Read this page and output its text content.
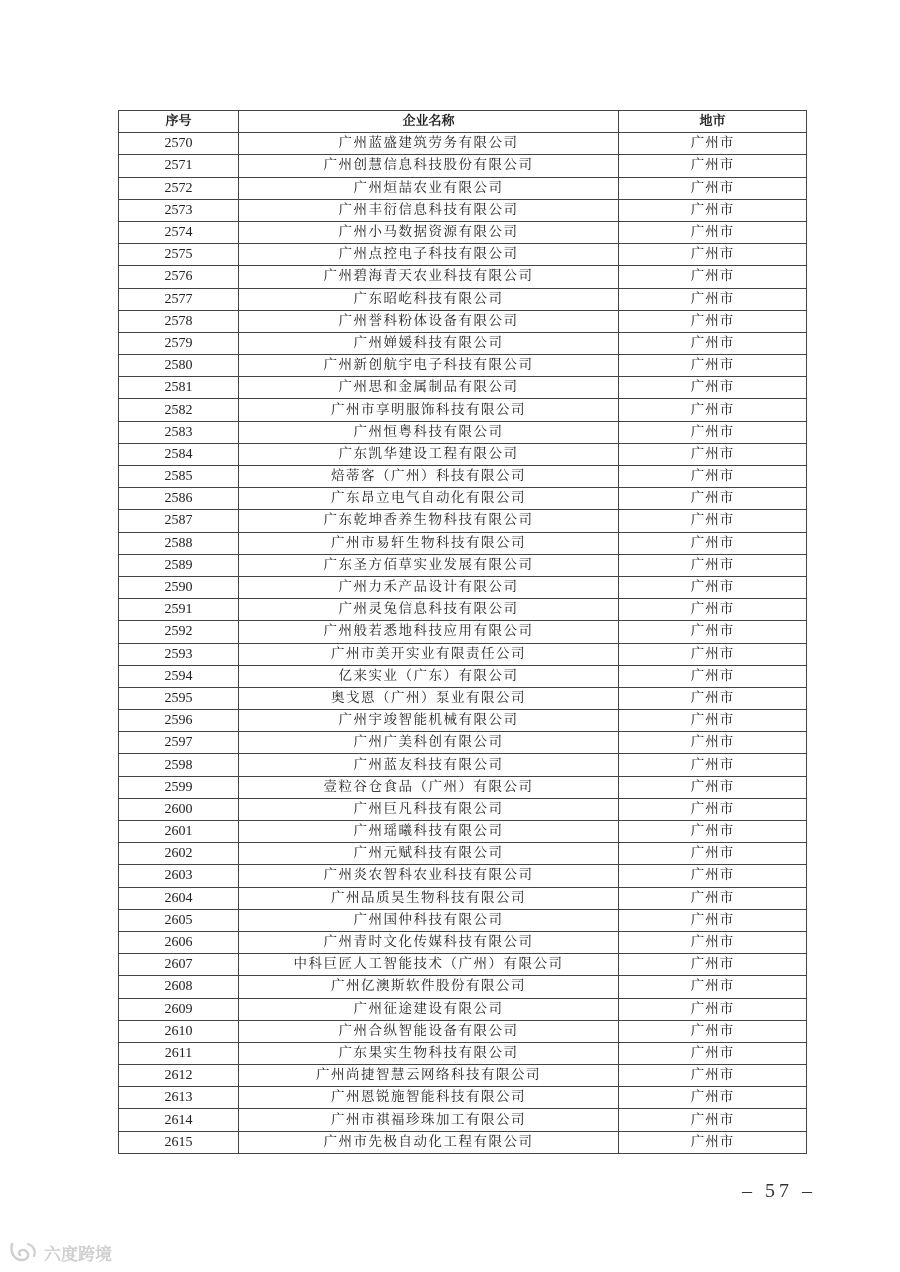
序号	企业名称	地市
2570	广州蓝盛建筑劳务有限公司	广州市
2571	广州创慧信息科技股份有限公司	广州市
2572	广州烜喆农业有限公司	广州市
2573	广州丰衍信息科技有限公司	广州市
2574	广州小马数据资源有限公司	广州市
2575	广州点控电子科技有限公司	广州市
2576	广州碧海青天农业科技有限公司	广州市
2577	广东昭屹科技有限公司	广州市
2578	广州誉科粉体设备有限公司	广州市
2579	广州婵媛科技有限公司	广州市
2580	广州新创航宇电子科技有限公司	广州市
2581	广州思和金属制品有限公司	广州市
2582	广州市享明服饰科技有限公司	广州市
2583	广州恒粤科技有限公司	广州市
2584	广东凯华建设工程有限公司	广州市
2585	焙蒂客（广州）科技有限公司	广州市
2586	广东昂立电气自动化有限公司	广州市
2587	广东乾坤香养生物科技有限公司	广州市
2588	广州市易轩生物科技有限公司	广州市
2589	广东圣方佰草实业发展有限公司	广州市
2590	广州力禾产品设计有限公司	广州市
2591	广州灵兔信息科技有限公司	广州市
2592	广州般若悉地科技应用有限公司	广州市
2593	广州市美开实业有限责任公司	广州市
2594	亿来实业（广东）有限公司	广州市
2595	奥戈恩（广州）泵业有限公司	广州市
2596	广州宇竣智能机械有限公司	广州市
2597	广州广美科创有限公司	广州市
2598	广州蓝友科技有限公司	广州市
2599	壹粒谷仓食品（广州）有限公司	广州市
2600	广州巨凡科技有限公司	广州市
2601	广州瑶曦科技有限公司	广州市
2602	广州元赋科技有限公司	广州市
2603	广州炎农智科农业科技有限公司	广州市
2604	广州品质昊生物科技有限公司	广州市
2605	广州国仲科技有限公司	广州市
2606	广州青时文化传媒科技有限公司	广州市
2607	中科巨匠人工智能技术（广州）有限公司	广州市
2608	广州亿澳斯软件股份有限公司	广州市
2609	广州征途建设有限公司	广州市
2610	广州合纵智能设备有限公司	广州市
2611	广东果实生物科技有限公司	广州市
2612	广州尚捷智慧云网络科技有限公司	广州市
2613	广州恩锐施智能科技有限公司	广州市
2614	广州市祺福珍珠加工有限公司	广州市
2615	广州市先极自动化工程有限公司	广州市
– 57 –
六度跨境
